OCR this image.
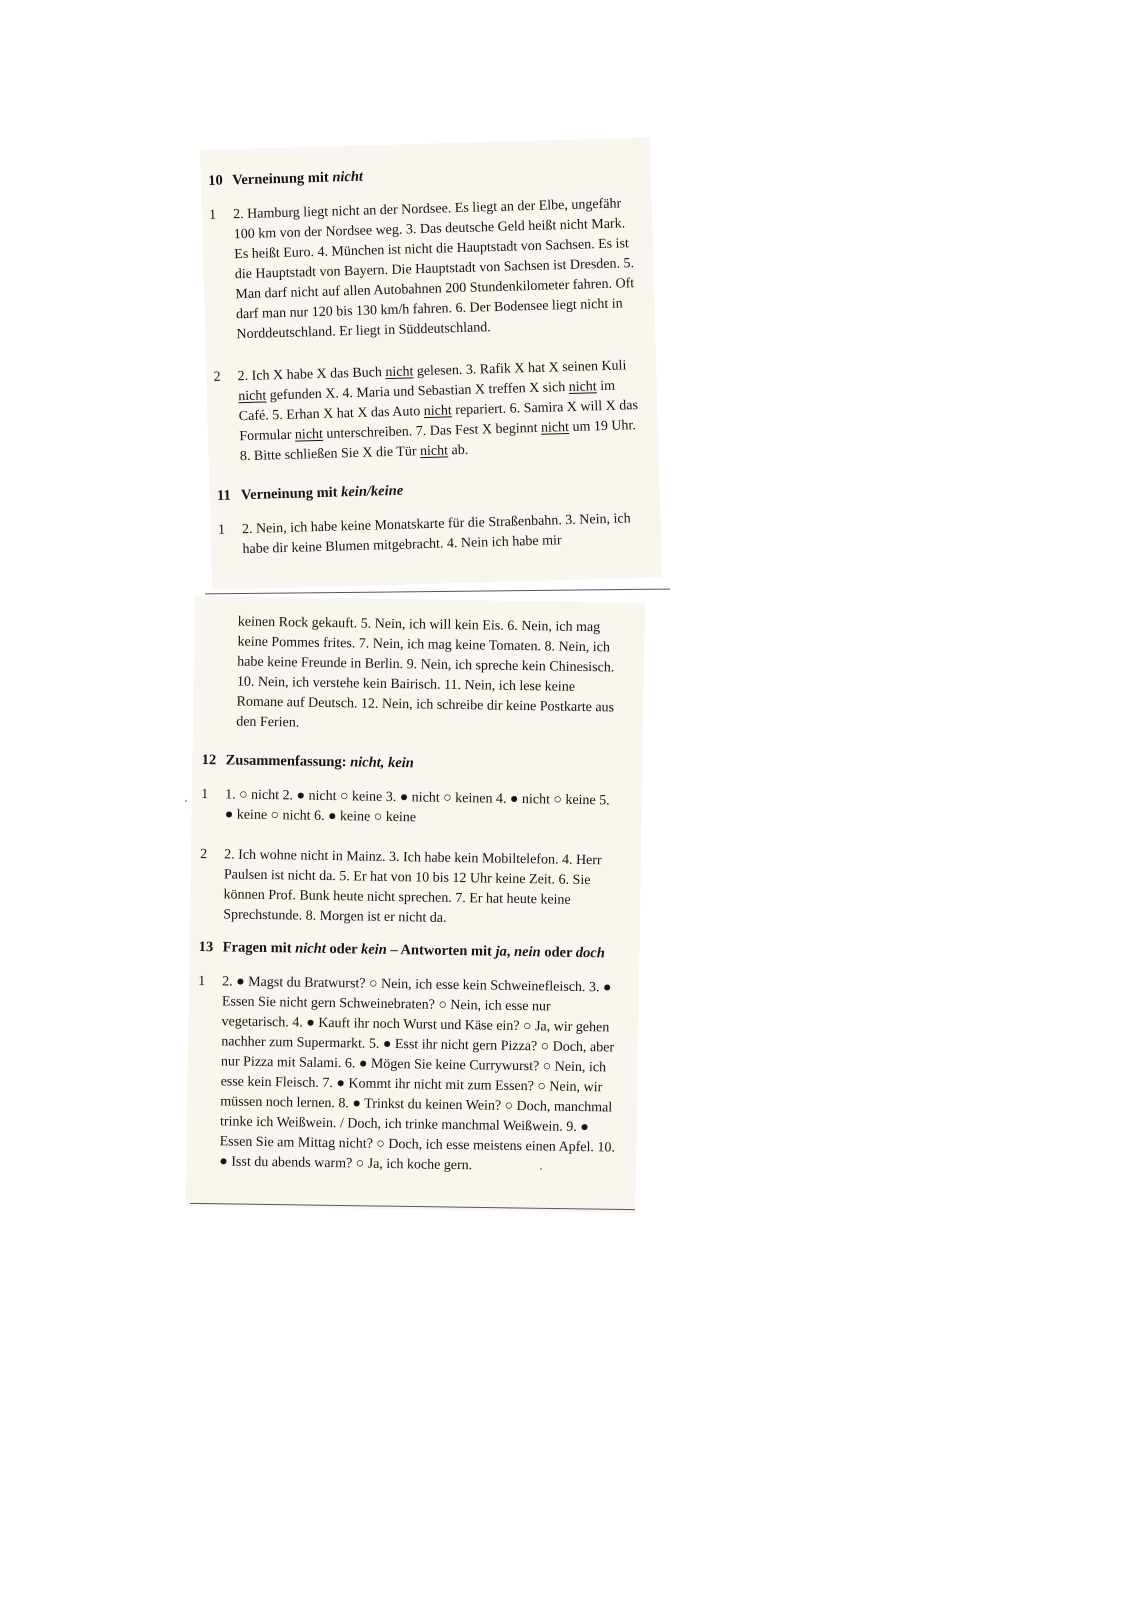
10 Verneinung mit nicht
1	2. Hamburg liegt nicht an der Nordsee. Es liegt an der Elbe, ungefähr 100 km von der Nordsee weg. 3. Das deutsche Geld heißt nicht Mark. Es heißt Euro. 4. München ist nicht die Hauptstadt von Sachsen. Es ist die Hauptstadt von Bayern. Die Hauptstadt von Sachsen ist Dresden. 5. Man darf nicht auf allen Autobahnen 200 Stundenkilometer fahren. Oft darf man nur 120 bis 130 km/h fahren. 6. Der Bodensee liegt nicht in Norddeutschland. Er liegt in Süddeutschland.
2	2. Ich X habe X das Buch nicht gelesen. 3. Rafik X hat X seinen Kuli nicht gefunden X. 4. Maria und Sebastian X treffen X sich nicht im Café. 5. Erhan X hat X das Auto nicht repariert. 6. Samira X will X das Formular nicht unterschreiben. 7. Das Fest X beginnt nicht um 19 Uhr. 8. Bitte schließen Sie X die Tür nicht ab.
11 Verneinung mit kein/keine
1	2. Nein, ich habe keine Monatskarte für die Straßenbahn. 3. Nein, ich habe dir keine Blumen mitgebracht. 4. Nein ich habe mir
keinen Rock gekauft. 5. Nein, ich will kein Eis. 6. Nein, ich mag keine Pommes frites. 7. Nein, ich mag keine Tomaten. 8. Nein, ich habe keine Freunde in Berlin. 9. Nein, ich spreche kein Chinesisch. 10. Nein, ich verstehe kein Bairisch. 11. Nein, ich lese keine Romane auf Deutsch. 12. Nein, ich schreibe dir keine Postkarte aus den Ferien.
12 Zusammenfassung: nicht, kein
1	1. ○ nicht 2. ● nicht ○ keine 3. ● nicht ○ keinen 4. ● nicht ○ keine 5. ● keine ○ nicht 6. ● keine ○ keine
2	2. Ich wohne nicht in Mainz. 3. Ich habe kein Mobiltelefon. 4. Herr Paulsen ist nicht da. 5. Er hat von 10 bis 12 Uhr keine Zeit. 6. Sie können Prof. Bunk heute nicht sprechen. 7. Er hat heute keine Sprechstunde. 8. Morgen ist er nicht da.
13 Fragen mit nicht oder kein – Antworten mit ja, nein oder doch
1	2. ● Magst du Bratwurst? ○ Nein, ich esse kein Schweinefleisch. 3. ● Essen Sie nicht gern Schweinebraten? ○ Nein, ich esse nur vegetarisch. 4. ● Kauft ihr noch Wurst und Käse ein? ○ Ja, wir gehen nachher zum Supermarkt. 5. ● Esst ihr nicht gern Pizza? ○ Doch, aber nur Pizza mit Salami. 6. ● Mögen Sie keine Currywurst? ○ Nein, ich esse kein Fleisch. 7. ● Kommt ihr nicht mit zum Essen? ○ Nein, wir müssen noch lernen. 8. ● Trinkst du keinen Wein? ○ Doch, manchmal trinke ich Weißwein. / Doch, ich trinke manchmal Weißwein. 9. ● Essen Sie am Mittag nicht? ○ Doch, ich esse meistens einen Apfel. 10. ● Isst du abends warm? ○ Ja, ich koche gern.
